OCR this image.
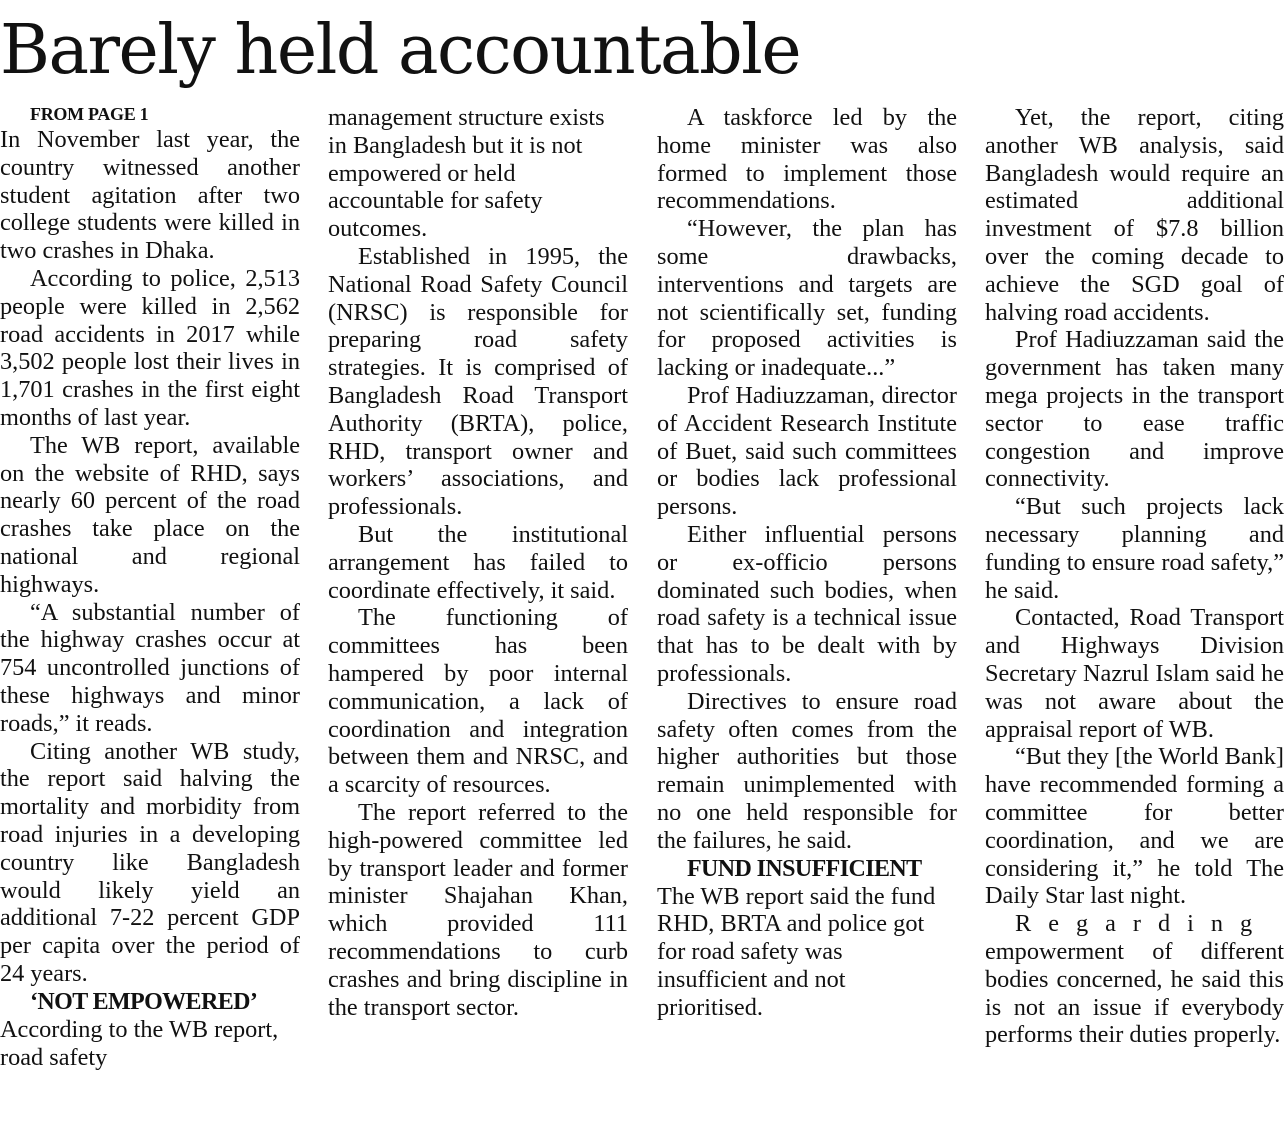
Barely held accountable

FROM PAGE 1

In November last year, the country witnessed another student agitation after two college students were killed in two crashes in Dhaka.

According to police, 2,513 people were killed in 2,562 road accidents in 2017 while 3,502 people lost their lives in 1,701 crashes in the first eight months of last year.

The WB report, available on the website of RHD, says nearly 60 percent of the road crashes take place on the national and regional highways.

“A substantial number of the highway crashes occur at 754 uncontrolled junctions of these highways and minor roads,” it reads.

Citing another WB study, the report said halving the mortality and morbidity from road injuries in a developing country like Bangladesh would likely yield an additional 7-22 percent GDP per capita over the period of 24 years.

‘NOT EMPOWERED’

According to the WB report, road safety

management structure exists in Bangladesh but it is not empowered or held accountable for safety outcomes.

Established in 1995, the National Road Safety Council (NRSC) is responsible for preparing road safety strategies. It is comprised of Bangladesh Road Transport Authority (BRTA), police, RHD, transport owner and workers’ associations, and professionals.

But the institutional arrangement has failed to coordinate effectively, it said.

The functioning of committees has been hampered by poor internal communication, a lack of coordination and integration between them and NRSC, and a scarcity of resources.

The report referred to the high-powered committee led by transport leader and former minister Shajahan Khan, which provided 111 recommendations to curb crashes and bring discipline in the transport sector.

A taskforce led by the home minister was also formed to implement those recommendations.

“However, the plan has some drawbacks, interventions and targets are not scientifically set, funding for proposed activities is lacking or inadequate...”

Prof Hadiuzzaman, director of Accident Research Institute of Buet, said such committees or bodies lack professional persons.

Either influential persons or ex-officio persons dominated such bodies, when road safety is a technical issue that has to be dealt with by professionals.

Directives to ensure road safety often comes from the higher authorities but those remain unimplemented with no one held responsible for the failures, he said.

FUND INSUFFICIENT

The WB report said the fund RHD, BRTA and police got for road safety was insufficient and not prioritised.

Yet, the report, citing another WB analysis, said Bangladesh would require an estimated additional investment of $7.8 billion over the coming decade to achieve the SGD goal of halving road accidents.

Prof Hadiuzzaman said the government has taken many mega projects in the transport sector to ease traffic congestion and improve connectivity.

“But such projects lack necessary planning and funding to ensure road safety,” he said.

Contacted, Road Transport and Highways Division Secretary Nazrul Islam said he was not aware about the appraisal report of WB.

“But they [the World Bank] have recommended forming a committee for better coordination, and we are considering it,” he told The Daily Star last night.

Regarding empowerment of different bodies concerned, he said this is not an issue if everybody performs their duties properly.
